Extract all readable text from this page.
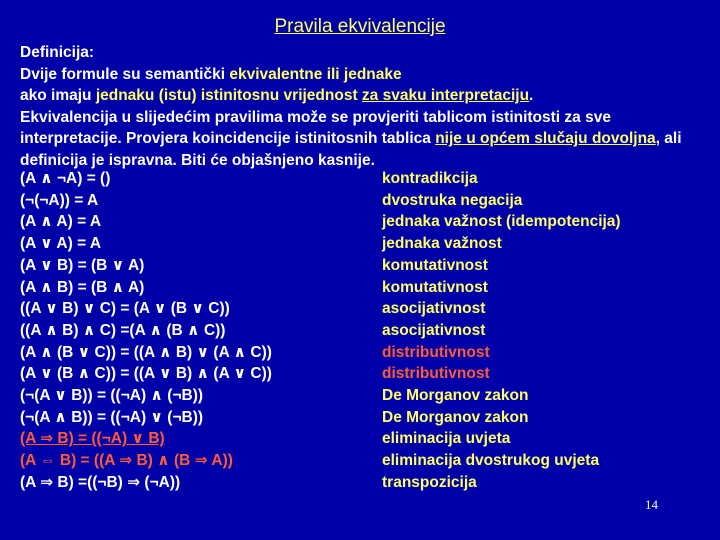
Pravila ekvivalencije
Definicija:
Dvije formule su semantički ekvivalentne ili jednake
ako imaju jednaku (istu) istinitosnu vrijednost za svaku interpretaciju.
Ekvivalencija u slijedećim pravilima može se provjeriti tablicom istinitosti za sve interpretacije. Provjera koincidencije istinitosnih tablica nije u općem slučaju dovoljna, ali definicija je ispravna. Biti će objašnjeno kasnije.
(A ∧ ¬A) = ()	kontradikcija
(¬(¬A)) = A	dvostruka negacija
(A ∧ A) = A	jednaka važnost (idempotencija)
(A ∨ A) = A	jednaka važnost
(A ∨ B) = (B ∨ A)	komutativnost
(A ∧ B) = (B ∧ A)	komutativnost
((A ∨ B) ∨ C) = (A ∨ (B ∨ C))	asocijativnost
((A ∧ B) ∧ C) =(A ∧ (B ∧ C))	asocijativnost
(A ∧ (B ∨ C)) = ((A ∧ B) ∨ (A ∧ C))	distributivnost
(A ∨ (B ∧ C)) = ((A ∨ B) ∧ (A ∨ C))	distributivnost
(¬(A ∨ B)) = ((¬A) ∧ (¬B))	De Morganov zakon
(¬(A ∧ B)) = ((¬A) ∨ (¬B))	De Morganov zakon
(A ⇒ B) = ((¬A) ∨ B)	eliminacija uvjeta
(A ⇔ B) = ((A ⇒ B) ∧ (B ⇒ A))	eliminacija dvostrukog uvjeta
(A ⇒ B) =((¬B) ⇒ (¬A))	transpozicija
14
